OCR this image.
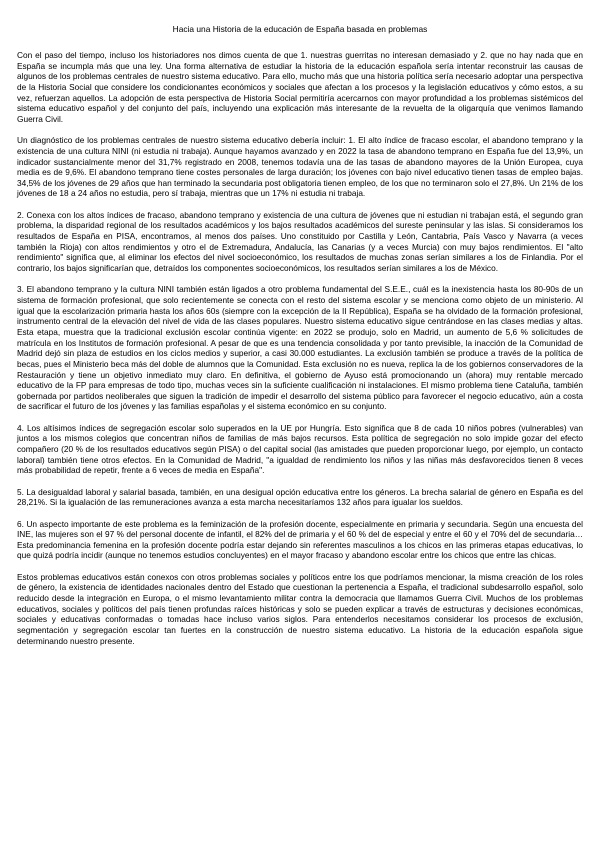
Hacia una Historia de la educación de España basada en problemas

Con el paso del tiempo, incluso los historiadores nos dimos cuenta de que 1. nuestras guerritas no interesan demasiado y 2. que no hay nada que en España se incumpla más que una ley. Una forma alternativa de estudiar la historia de la educación española sería intentar reconstruir las causas de algunos de los problemas centrales de nuestro sistema educativo. Para ello, mucho más que una historia política sería necesario adoptar una perspectiva de la Historia Social que considere los condicionantes económicos y sociales que afectan a los procesos y la legislación educativos y cómo estos, a su vez, refuerzan aquellos. La adopción de esta perspectiva de Historia Social permitiría acercarnos con mayor profundidad a los problemas sistémicos del sistema educativo español y del conjunto del país, incluyendo una explicación más interesante de la revuelta de la oligarquía que venimos llamando Guerra Civil.

Un diagnóstico de los problemas centrales de nuestro sistema educativo debería incluir: 1. El alto índice de fracaso escolar, el abandono temprano y la existencia de una cultura NINI (ni estudia ni trabaja). Aunque hayamos avanzado y en 2022 la tasa de abandono temprano en España fue del 13,9%, un indicador sustancialmente menor del 31,7% registrado en 2008, tenemos todavía una de las tasas de abandono mayores de la Unión Europea, cuya media es de 9,6%. El abandono temprano tiene costes personales de larga duración; los jóvenes con bajo nivel educativo tienen tasas de empleo bajas. 34,5% de los jóvenes de 29 años que han terminado la secundaria post obligatoria tienen empleo, de los que no terminaron solo el 27,8%. Un 21% de los jóvenes de 18 a 24 años no estudia, pero sí trabaja, mientras que un 17% ni estudia ni trabaja.

2. Conexa con los altos índices de fracaso, abandono temprano y existencia de una cultura de jóvenes que ni estudian ni trabajan está, el segundo gran problema, la disparidad regional de los resultados académicos y los bajos resultados académicos del sureste peninsular y las islas. Si consideramos los resultados de España en PISA, encontramos, al menos dos países. Uno constituido por Castilla y León, Cantabria, País Vasco y Navarra (a veces también la Rioja) con altos rendimientos y otro el de Extremadura, Andalucía, las Canarias (y a veces Murcia) con muy bajos rendimientos. El "alto rendimiento" significa que, al eliminar los efectos del nivel socioeconómico, los resultados de muchas zonas serían similares a los de Finlandia. Por el contrario, los bajos significarían que, detraídos los componentes socioeconómicos, los resultados serían similares a los de México.

3. El abandono temprano y la cultura NINI también están ligados a otro problema fundamental del S.E.E., cuál es la inexistencia hasta los 80-90s de un sistema de formación profesional, que solo recientemente se conecta con el resto del sistema escolar y se menciona como objeto de un ministerio. Al igual que la escolarización primaria hasta los años 60s (siempre con la excepción de la II República), España se ha olvidado de la formación profesional, instrumento central de la elevación del nivel de vida de las clases populares. Nuestro sistema educativo sigue centrándose en las clases medias y altas. Esta etapa, muestra que la tradicional exclusión escolar continúa vigente: en 2022 se produjo, solo en Madrid, un aumento de 5,6 % solicitudes de matrícula en los Institutos de formación profesional. A pesar de que es una tendencia consolidada y por tanto previsible, la inacción de la Comunidad de Madrid dejó sin plaza de estudios en los ciclos medios y superior, a casi 30.000 estudiantes. La exclusión también se produce a través de la política de becas, pues el Ministerio beca más del doble de alumnos que la Comunidad. Esta exclusión no es nueva, replica la de los gobiernos conservadores de la Restauración y tiene un objetivo inmediato muy claro. En definitiva, el gobierno de Ayuso está promocionando un (ahora) muy rentable mercado educativo de la FP para empresas de todo tipo, muchas veces sin la suficiente cualificación ni instalaciones. El mismo problema tiene Cataluña, también gobernada por partidos neoliberales que siguen la tradición de impedir el desarrollo del sistema público para favorecer el negocio educativo, aún a costa de sacrificar el futuro de los jóvenes y las familias españolas y el sistema económico en su conjunto.

4. Los altísimos índices de segregación escolar solo superados en la UE por Hungría. Esto significa que 8 de cada 10 niños pobres (vulnerables) van juntos a los mismos colegios que concentran niños de familias de más bajos recursos. Esta política de segregación no solo impide gozar del efecto compañero (20 % de los resultados educativos según PISA) o del capital social (las amistades que pueden proporcionar luego, por ejemplo, un contacto laboral) también tiene otros efectos. En la Comunidad de Madrid, "a igualdad de rendimiento los niños y las niñas más desfavorecidos tienen 8 veces más probabilidad de repetir, frente a 6 veces de media en España".

5. La desigualdad laboral y salarial basada, también, en una desigual opción educativa entre los géneros. La brecha salarial de género en España es del 28,21%. Si la igualación de las remuneraciones avanza a esta marcha necesitaríamos 132 años para igualar los sueldos.

6. Un aspecto importante de este problema es la feminización de la profesión docente, especialmente en primaria y secundaria. Según una encuesta del INE, las mujeres son el 97 % del personal docente de infantil, el 82% del de primaria y el 60 % del de especial y entre el 60 y el 70% del de secundaria… Esta predominancia femenina en la profesión docente podría estar dejando sin referentes masculinos a los chicos en las primeras etapas educativas, lo que quizá podría incidir (aunque no tenemos estudios concluyentes) en el mayor fracaso y abandono escolar entre los chicos que entre las chicas.

Estos problemas educativos están conexos con otros problemas sociales y políticos entre los que podríamos mencionar, la misma creación de los roles de género, la existencia de identidades nacionales dentro del Estado que cuestionan la pertenencia a España, el tradicional subdesarrollo español, solo reducido desde la integración en Europa, o el mismo levantamiento militar contra la democracia que llamamos Guerra Civil. Muchos de los problemas educativos, sociales y políticos del país tienen profundas raíces históricas y solo se pueden explicar a través de estructuras y decisiones económicas, sociales y educativas conformadas o tomadas hace incluso varios siglos. Para entenderlos necesitamos considerar los procesos de exclusión, segmentación y segregación escolar tan fuertes en la construcción de nuestro sistema educativo. La historia de la educación española sigue determinando nuestro presente.
